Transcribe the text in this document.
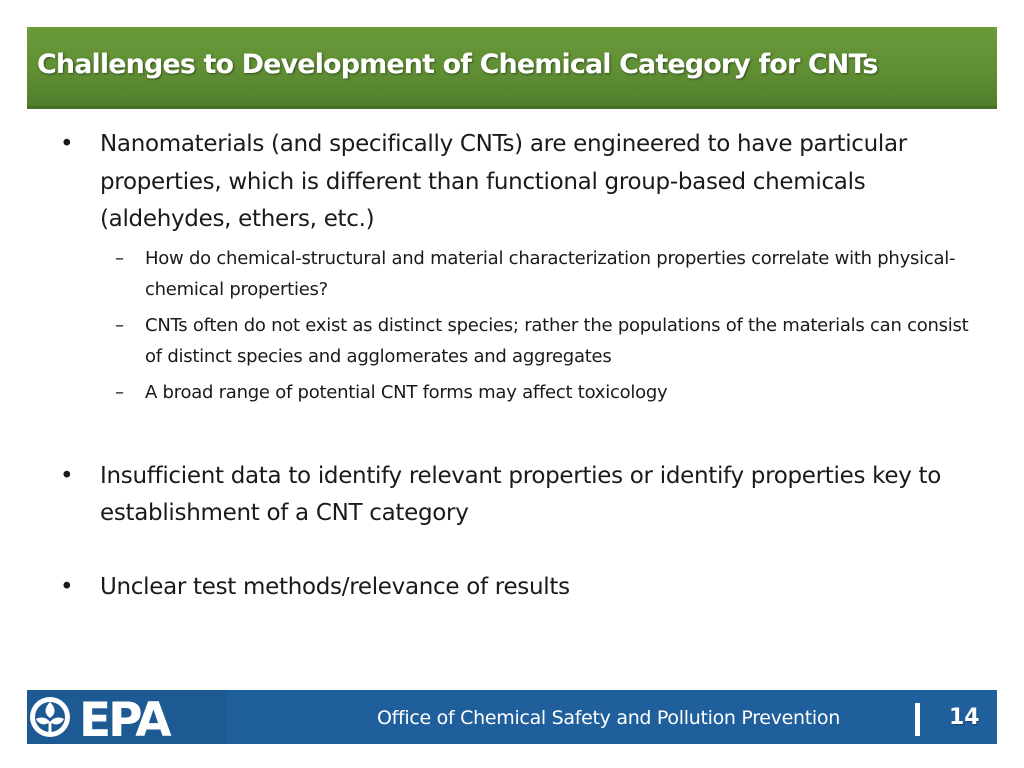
Challenges to Development of Chemical Category for CNTs
• Nanomaterials (and specifically CNTs) are engineered to have particular properties, which is different than functional group-based chemicals (aldehydes, ethers, etc.)
– How do chemical-structural and material characterization properties correlate with physical-chemical properties?
– CNTs often do not exist as distinct species; rather the populations of the materials can consist of distinct species and agglomerates and aggregates
– A broad range of potential CNT forms may affect toxicology
• Insufficient data to identify relevant properties or identify properties key to establishment of a CNT category
• Unclear test methods/relevance of results
EPA	Office of Chemical Safety and Pollution Prevention	14
